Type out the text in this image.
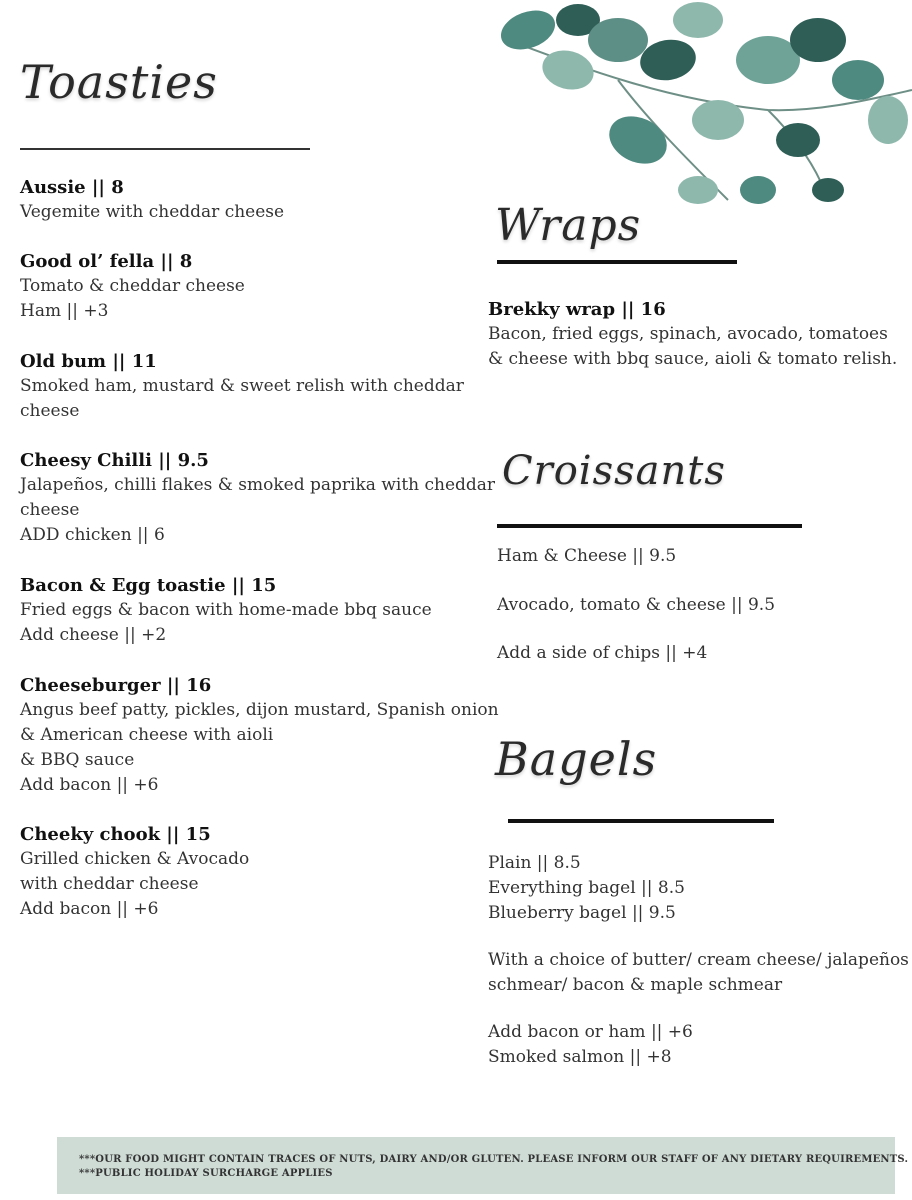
Toasties
Aussie || 8
Vegemite with cheddar cheese
Good ol’ fella || 8
Tomato & cheddar cheese
Ham || +3
Old bum || 11
Smoked ham, mustard & sweet relish with cheddar
cheese
Cheesy Chilli || 9.5
Jalapeños, chilli flakes & smoked paprika with cheddar
cheese
ADD chicken || 6
Bacon & Egg toastie || 15
Fried eggs & bacon with home-made bbq sauce
Add cheese || +2
Cheeseburger || 16
Angus beef patty, pickles, dijon mustard, Spanish onion
& American cheese with aioli
& BBQ sauce
Add bacon || +6
Cheeky chook || 15
Grilled chicken & Avocado
with cheddar cheese
Add bacon || +6
Wraps
Brekky wrap || 16
Bacon, fried eggs, spinach, avocado, tomatoes
& cheese with bbq sauce, aioli & tomato relish.
Croissants
Ham & Cheese || 9.5
Avocado, tomato & cheese || 9.5
Add a side of chips || +4
Bagels
Plain || 8.5
Everything bagel || 8.5
Blueberry bagel || 9.5
With a choice of butter/ cream cheese/ jalapeños
schmear/ bacon & maple schmear
Add bacon or ham || +6
Smoked salmon || +8
***OUR FOOD MIGHT CONTAIN TRACES OF NUTS, DAIRY AND/OR GLUTEN. PLEASE INFORM OUR STAFF OF ANY DIETARY REQUIREMENTS.
***PUBLIC HOLIDAY SURCHARGE APPLIES
